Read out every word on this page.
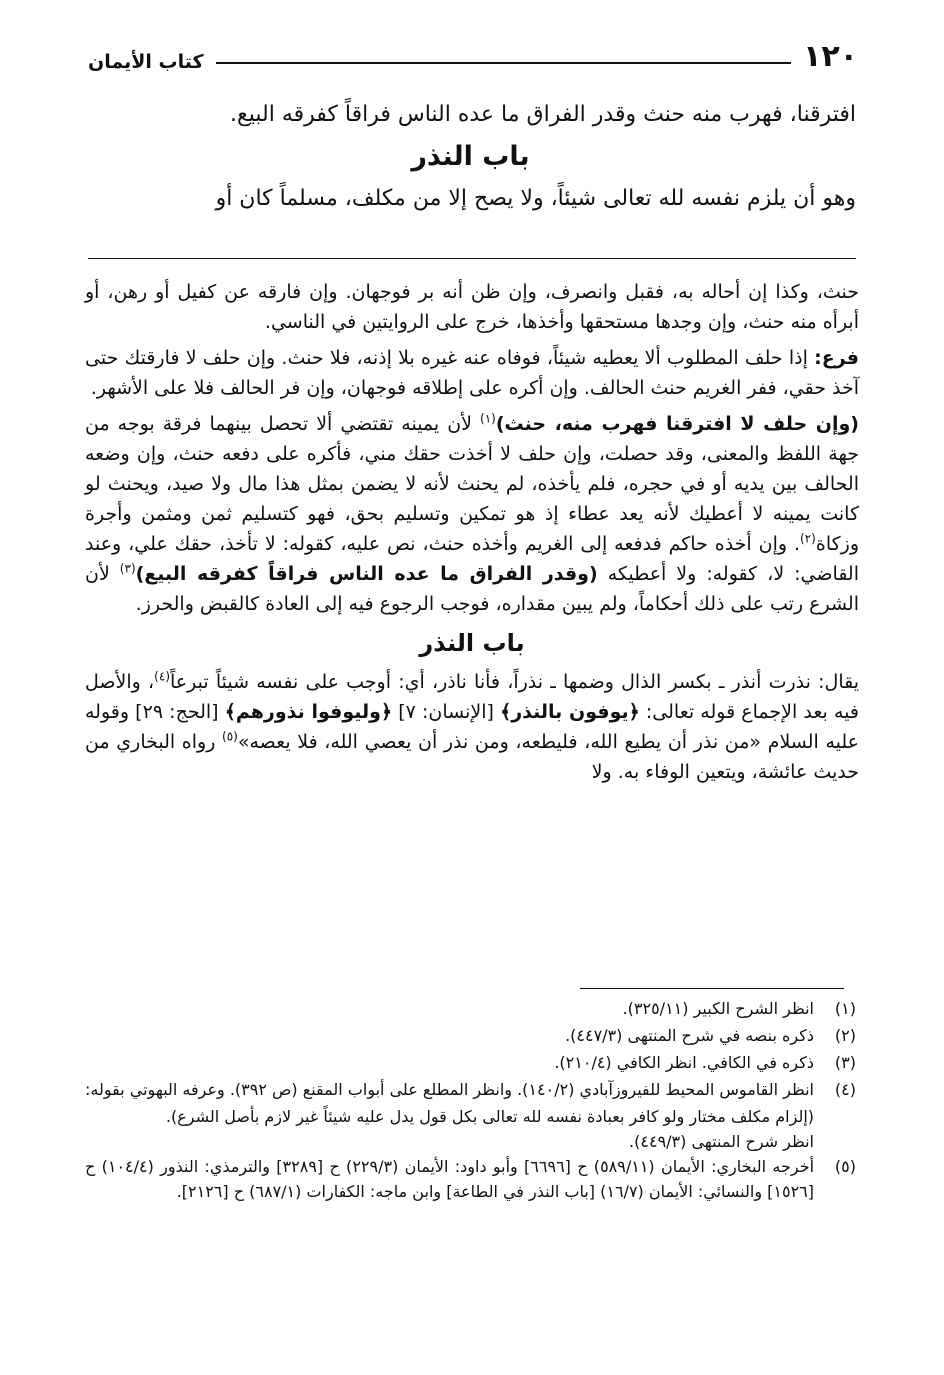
١٢٠
كتاب الأيمان

افترقنا، فهرب منه حنث وقدر الفراق ما عده الناس فراقاً كفرقه البيع.

باب النذر

وهو أن يلزم نفسه لله تعالى شيئاً، ولا يصح إلا من مكلف، مسلماً كان أو

حنث، وكذا إن أحاله به، فقبل وانصرف، وإن ظن أنه بر فوجهان. وإن فارقه عن كفيل أو رهن، أو أبرأه منه حنث، وإن وجدها مستحقها وأخذها، خرج على الروايتين في الناسي.

فرع: إذا حلف المطلوب ألا يعطيه شيئاً، فوفاه عنه غيره بلا إذنه، فلا حنث. وإن حلف لا فارقتك حتى آخذ حقي، ففر الغريم حنث الحالف. وإن أكره على إطلاقه فوجهان، وإن فر الحالف فلا على الأشهر.

(وإن حلف لا افترقنا فهرب منه، حنث)$^{(١)}$ لأن يمينه تقتضي ألا تحصل بينهما فرقة بوجه من جهة اللفظ والمعنى، وقد حصلت، وإن حلف لا أخذت حقك مني، فأكره على دفعه حنث، وإن وضعه الحالف بين يديه أو في حجره، فلم يأخذه، لم يحنث لأنه لا يضمن بمثل هذا مال ولا صيد، ويحنث لو كانت يمينه لا أعطيك لأنه يعد عطاء إذ هو تمكين وتسليم بحق، فهو كتسليم ثمن ومثمن وأجرة وزكاة$^{(٢)}$. وإن أخذه حاكم فدفعه إلى الغريم وأخذه حنث، نص عليه، كقوله: لا تأخذ، حقك علي، وعند القاضي: لا، كقوله: ولا أعطيكه (وقدر الفراق ما عده الناس فراقاً كفرقه البيع)$^{(٣)}$ لأن الشرع رتب على ذلك أحكاماً، ولم يبين مقداره، فوجب الرجوع فيه إلى العادة كالقبض والحرز.

باب النذر

يقال: نذرت أنذر ـ بكسر الذال وضمها ـ نذراً، فأنا ناذر، أي: أوجب على نفسه شيئاً تبرعاً$^{(٤)}$، والأصل فيه بعد الإجماع قوله تعالى: ﴿يوفون بالنذر﴾ [الإنسان: ٧] ﴿وليوفوا نذورهم﴾ [الحج: ٢٩] وقوله عليه السلام «من نذر أن يطيع الله، فليطعه، ومن نذر أن يعصي الله، فلا يعصه»$^{(٥)}$ رواه البخاري من حديث عائشة، ويتعين الوفاء به. ولا

(١)
انظر الشرح الكبير (٣٢٥/١١).
(٢)
ذكره بنصه في شرح المنتهى (٤٤٧/٣).
(٣)
ذكره في الكافي. انظر الكافي (٢١٠/٤).
(٤)
انظر القاموس المحيط للفيروزآبادي (١٤٠/٢). وانظر المطلع على أبواب المقنع (ص ٣٩٢). وعرفه البهوتي بقوله:

(إلزام مكلف مختار ولو كافر بعبادة نفسه لله تعالى بكل قول يدل عليه شيئاً غير لازم بأصل الشرع).

انظر شرح المنتهى (٤٤٩/٣).

(٥)
أخرجه البخاري: الأيمان (٥٨٩/١١) ح [٦٦٩٦] وأبو داود: الأيمان (٢٢٩/٣) ح [٣٢٨٩] والترمذي: النذور (١٠٤/٤) ح [١٥٢٦] والنسائي: الأيمان (١٦/٧) [باب النذر في الطاعة] وابن ماجه: الكفارات (٦٨٧/١) ح [٢١٢٦].
